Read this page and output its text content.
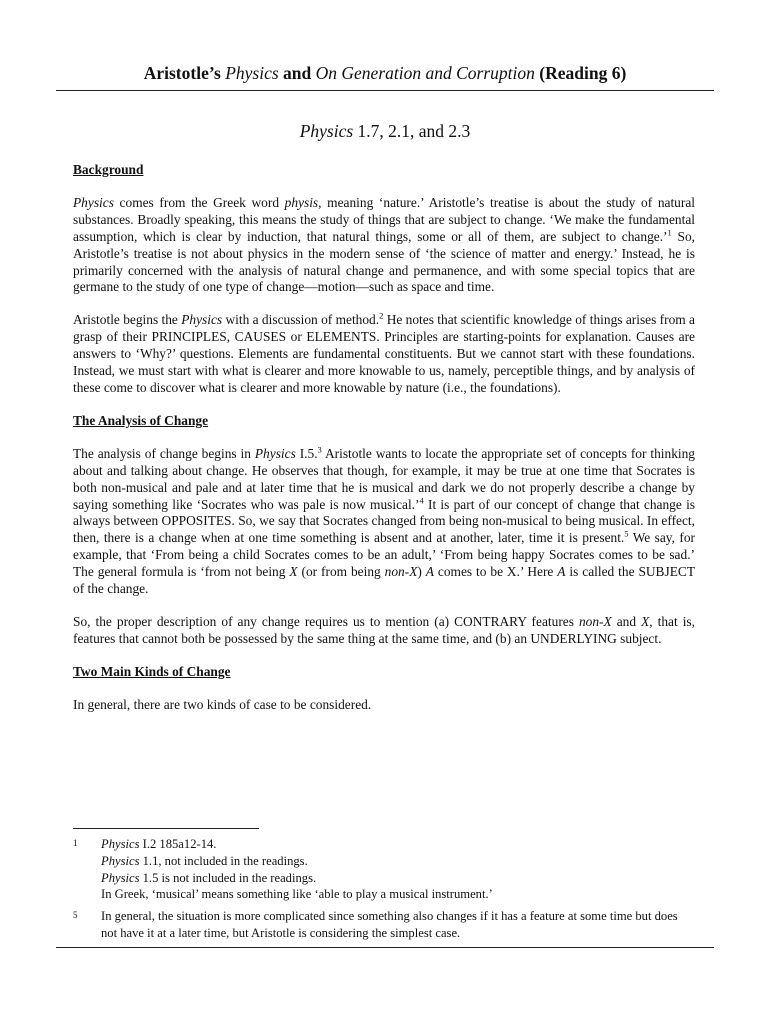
Aristotle’s Physics and On Generation and Corruption (Reading 6)
Physics 1.7, 2.1, and 2.3
Background

Physics comes from the Greek word physis, meaning ‘nature.’ Aristotle’s treatise is about the study of natural substances. Broadly speaking, this means the study of things that are subject to change. ‘We make the fundamental assumption, which is clear by induction, that natural things, some or all of them, are subject to change.’$^1$ So, Aristotle’s treatise is not about physics in the modern sense of ‘the science of matter and energy.’ Instead, he is primarily concerned with the analysis of natural change and permanence, and with some special topics that are germane to the study of one type of change—motion—such as space and time.

Aristotle begins the Physics with a discussion of method.$^2$ He notes that scientific knowledge of things arises from a grasp of their PRINCIPLES, CAUSES or ELEMENTS. Principles are starting-points for explanation. Causes are answers to ‘Why?’ questions. Elements are fundamental constituents. But we cannot start with these foundations. Instead, we must start with what is clearer and more knowable to us, namely, perceptible things, and by analysis of these come to discover what is clearer and more knowable by nature (i.e., the foundations).

The Analysis of Change

The analysis of change begins in Physics I.5.$^3$ Aristotle wants to locate the appropriate set of concepts for thinking about and talking about change. He observes that though, for example, it may be true at one time that Socrates is both non-musical and pale and at later time that he is musical and dark we do not properly describe a change by saying something like ‘Socrates who was pale is now musical.’$^4$ It is part of our concept of change that change is always between OPPOSITES. So, we say that Socrates changed from being non-musical to being musical. In effect, then, there is a change when at one time something is absent and at another, later, time it is present.$^5$ We say, for example, that ‘From being a child Socrates comes to be an adult,’ ‘From being happy Socrates comes to be sad.’ The general formula is ‘from not being X (or from being non-X) A comes to be X.’ Here A is called the SUBJECT of the change.

So, the proper description of any change requires us to mention (a) CONTRARY features non-X and X, that is, features that cannot both be possessed by the same thing at the same time, and (b) an UNDERLYING subject.

Two Main Kinds of Change

In general, there are two kinds of case to be considered.

1	Physics I.2 185a12-14.
Physics 1.1, not included in the readings.
Physics 1.5 is not included in the readings.
In Greek, ‘musical’ means something like ‘able to play a musical instrument.’
5	In general, the situation is more complicated since something also changes if it has a feature at some time but does not have it at a later time, but Aristotle is considering the simplest case.
